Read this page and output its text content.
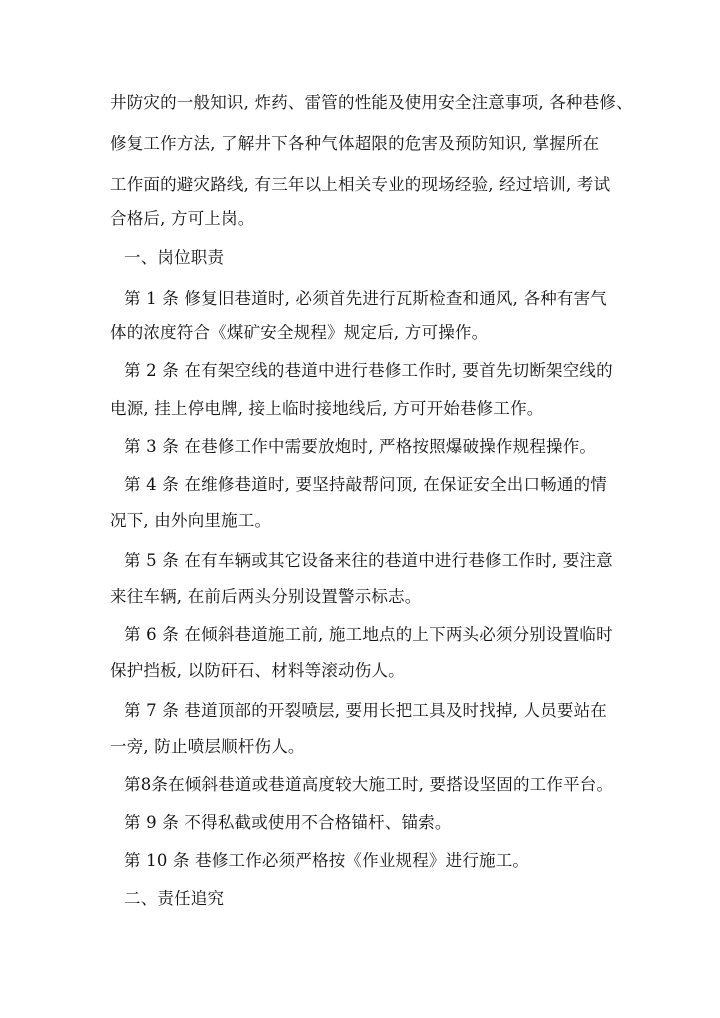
井防灾的一般知识, 炸药、雷管的性能及使用安全注意事项, 各种巷修、
修复工作方法, 了解井下各种气体超限的危害及预防知识, 掌握所在
工作面的避灾路线, 有三年以上相关专业的现场经验, 经过培训, 考试
合格后, 方可上岗。
一、岗位职责
第 1 条 修复旧巷道时, 必须首先进行瓦斯检查和通风, 各种有害气
体的浓度符合《煤矿安全规程》规定后, 方可操作。
第 2 条 在有架空线的巷道中进行巷修工作时, 要首先切断架空线的
电源, 挂上停电牌, 接上临时接地线后, 方可开始巷修工作。
第 3 条 在巷修工作中需要放炮时, 严格按照爆破操作规程操作。
第 4 条 在维修巷道时, 要坚持敲帮问顶, 在保证安全出口畅通的情
况下, 由外向里施工。
第 5 条 在有车辆或其它设备来往的巷道中进行巷修工作时, 要注意
来往车辆, 在前后两头分别设置警示标志。
第 6 条 在倾斜巷道施工前, 施工地点的上下两头必须分别设置临时
保护挡板, 以防矸石、材料等滚动伤人。
第 7 条 巷道顶部的开裂喷层, 要用长把工具及时找掉, 人员要站在
一旁, 防止喷层顺杆伤人。
第8条在倾斜巷道或巷道高度较大施工时, 要搭设坚固的工作平台。
第 9 条 不得私截或使用不合格锚杆、锚索。
第 10 条 巷修工作必须严格按《作业规程》进行施工。
二、责任追究
